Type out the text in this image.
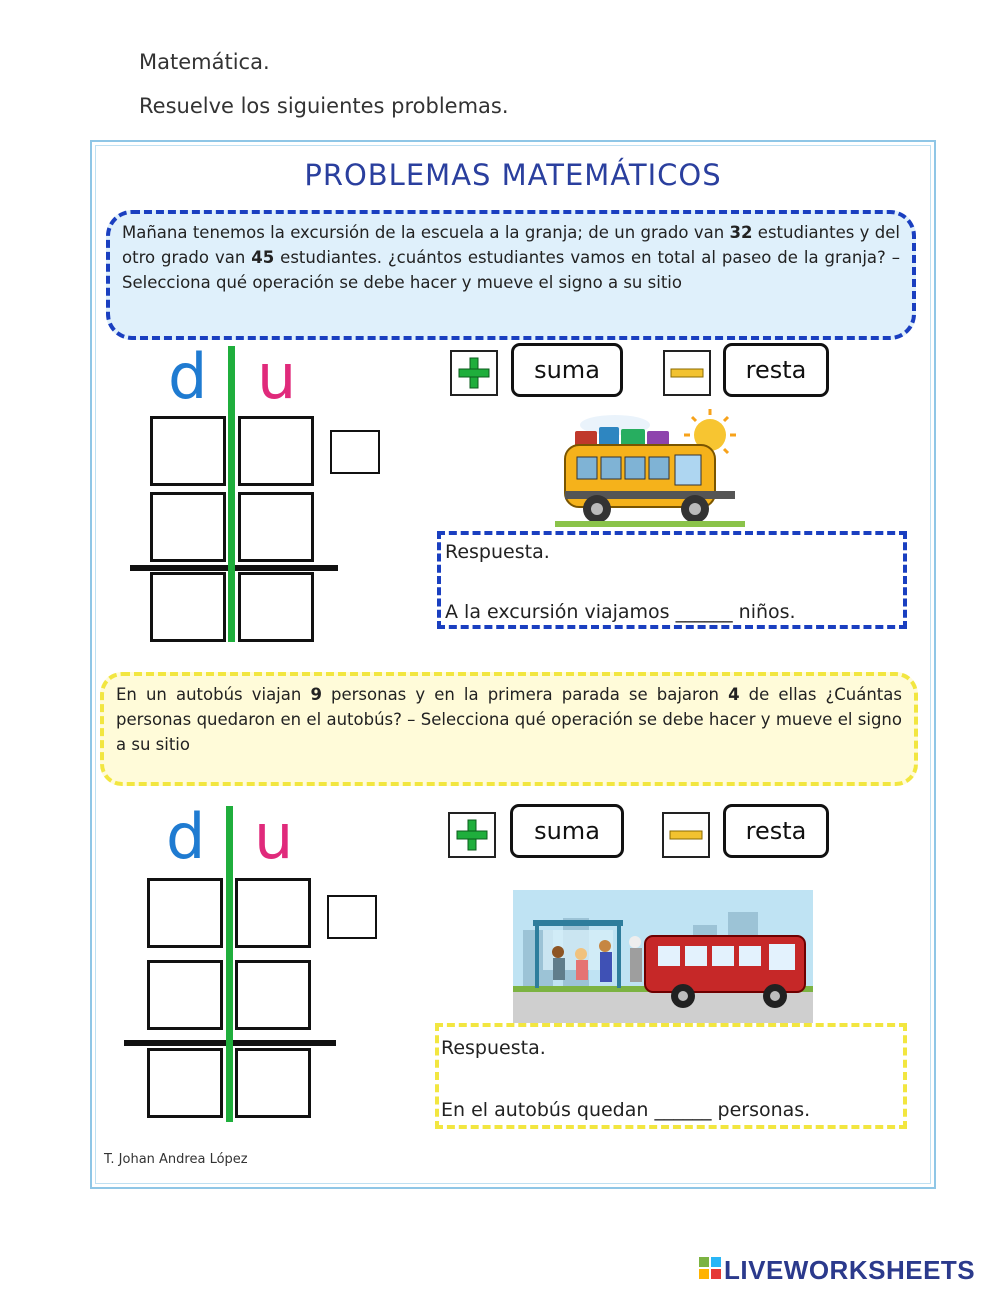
Matemática.
Resuelve los siguientes problemas.
PROBLEMAS MATEMÁTICOS
Mañana tenemos la excursión de la escuela a la granja; de un grado van 32 estudiantes y del otro grado van 45 estudiantes. ¿cuántos estudiantes vamos en total al paseo de la granja? – Selecciona qué operación se debe hacer y mueve el signo a su sitio
d u	suma	resta
Respuesta.
A la excursión viajamos ______ niños.
En un autobús viajan 9 personas y en la primera parada se bajaron 4 de ellas ¿Cuántas personas quedaron en el autobús? – Selecciona qué operación se debe hacer y mueve el signo a su sitio
d u	suma	resta
Respuesta.
En el autobús quedan ______ personas.
T. Johan Andrea López
LIVEWORKSHEETS
